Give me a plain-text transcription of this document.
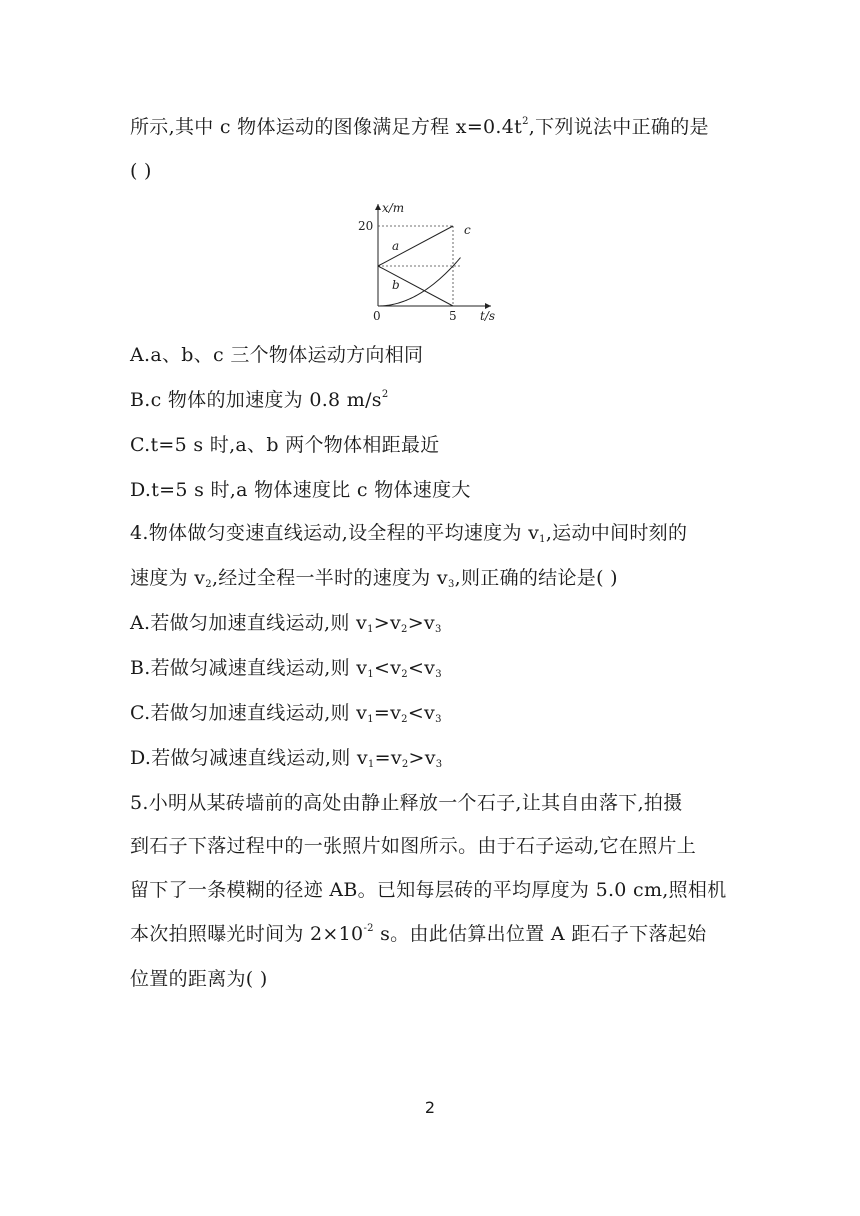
所示,其中 c 物体运动的图像满足方程 $x=0.4t^2$,下列说法中正确的是
( )
x/m
t/s
20
5
0
a
b
c
A.a、b、c 三个物体运动方向相同
B.c 物体的加速度为 0.8 $m/s^2$
C.t=5 s 时,a、b 两个物体相距最近
D.t=5 s 时,a 物体速度比 c 物体速度大
4.物体做匀变速直线运动,设全程的平均速度为 $v_1$,运动中间时刻的
速度为 $v_2$,经过全程一半时的速度为 $v_3$,则正确的结论是( )
A.若做匀加速直线运动,则 $v_1>v_2>v_3$
B.若做匀减速直线运动,则 $v_1<v_2<v_3$
C.若做匀加速直线运动,则 $v_1=v_2<v_3$
D.若做匀减速直线运动,则 $v_1=v_2>v_3$
5.小明从某砖墙前的高处由静止释放一个石子,让其自由落下,拍摄
到石子下落过程中的一张照片如图所示。由于石子运动,它在照片上
留下了一条模糊的径迹 AB。已知每层砖的平均厚度为 5.0 cm,照相机
本次拍照曝光时间为 $2\times 10^{-2}$ s。由此估算出位置 A 距石子下落起始
位置的距离为( )
2
